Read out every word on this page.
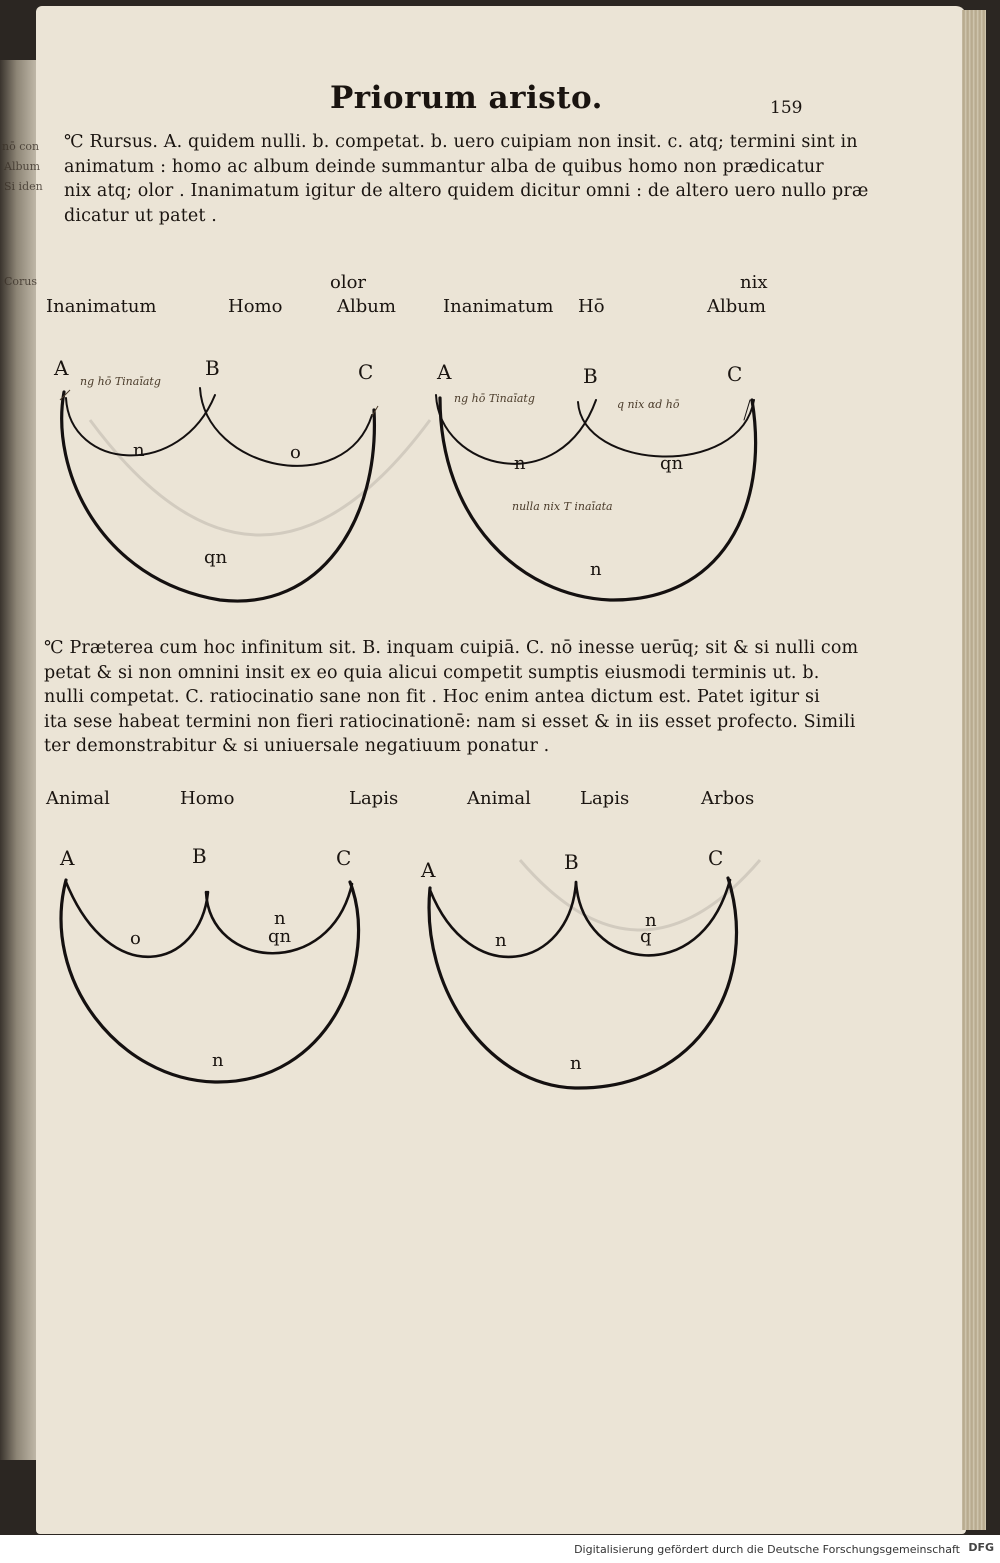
nō con
Album
Si iden
Corus
Priorum aristo.	159

℃ Rursus. A. quidem nulli. b. competat. b. uero cuipiam non insit. c. atq; termini sint in

animatum : homo ac album deinde summantur alba de quibus homo non prædicatur

nix atq; olor . Inanimatum igitur de altero quidem dicitur omni : de altero uero nullo præ

dicatur ut patet .

olor
Inanimatum	Homo	Album
A	B	C
n	o
qn
ng hō Tinaīatg
nix
Inanimatum Hō	Album
A	B	C
n	qn
n
ng hō Tinaīatg	q nix ɑd hō
nulla nix T inaīata

℃ Præterea cum hoc infinitum sit. B. inquam cuipiā. C. nō inesse uerūq; sit & si nulli com

petat & si non omnini insit ex eo quia alicui competit sumptis eiusmodi terminis ut. b.

nulli competat. C. ratiocinatio sane non fit . Hoc enim antea dictum est. Patet igitur si

ita sese habeat termini non fieri ratiocinationē: nam si esset & in iis esset profecto. Simili

ter demonstrabitur & si uniuersale negatiuum ponatur .

Animal	Homo	Lapis
A	B	C
o
n
qn
n
Animal	Lapis	Arbos
A	B	C
n
n
q
n
Digitalisierung gefördert durch die Deutsche Forschungsgemeinschaft DFG
